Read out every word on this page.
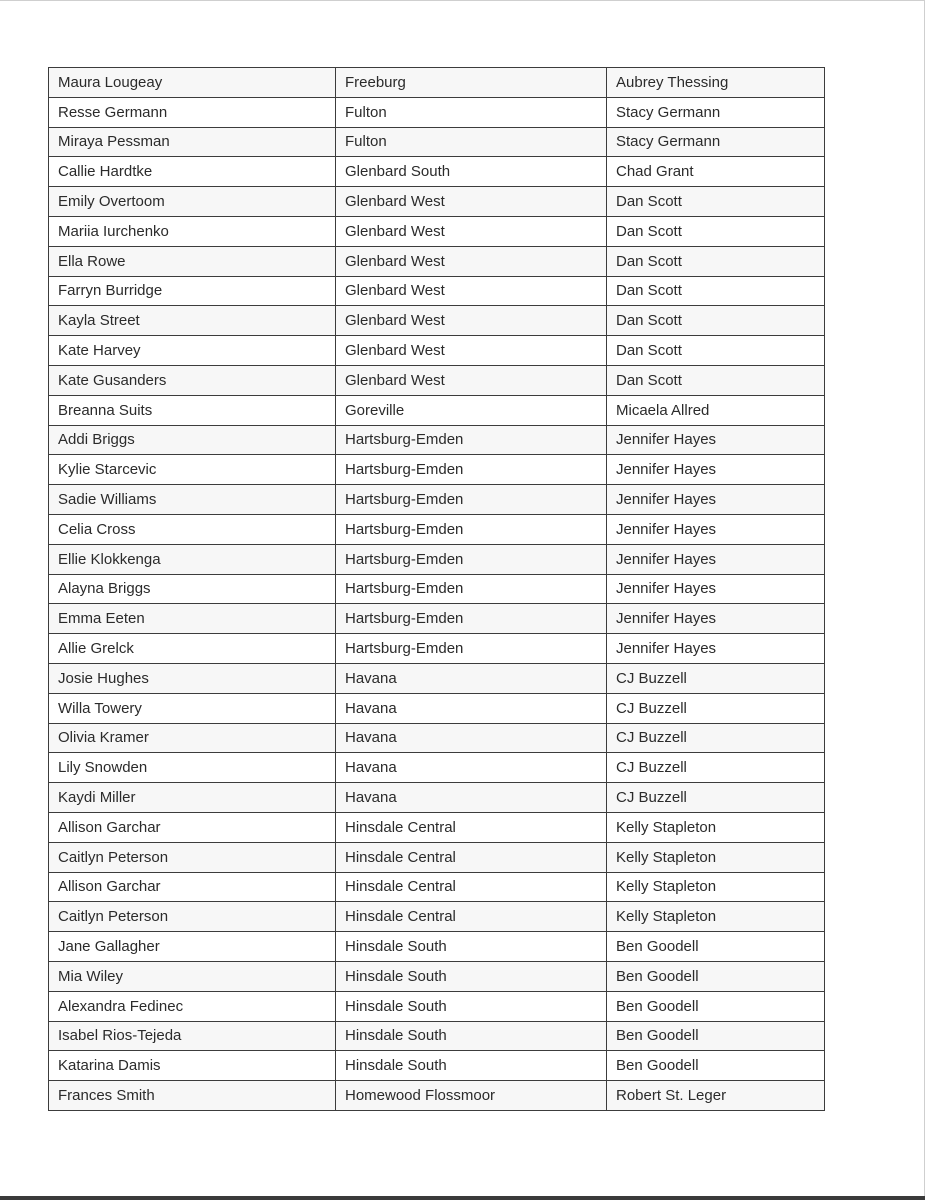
Maura Lougeay	Freeburg	Aubrey Thessing
Resse Germann	Fulton	Stacy Germann
Miraya Pessman	Fulton	Stacy Germann
Callie Hardtke	Glenbard South	Chad Grant
Emily Overtoom	Glenbard West	Dan Scott
Mariia Iurchenko	Glenbard West	Dan Scott
Ella Rowe	Glenbard West	Dan Scott
Farryn Burridge	Glenbard West	Dan Scott
Kayla Street	Glenbard West	Dan Scott
Kate Harvey	Glenbard West	Dan Scott
Kate Gusanders	Glenbard West	Dan Scott
Breanna Suits	Goreville	Micaela Allred
Addi Briggs	Hartsburg-Emden	Jennifer Hayes
Kylie Starcevic	Hartsburg-Emden	Jennifer Hayes
Sadie Williams	Hartsburg-Emden	Jennifer Hayes
Celia Cross	Hartsburg-Emden	Jennifer Hayes
Ellie Klokkenga	Hartsburg-Emden	Jennifer Hayes
Alayna Briggs	Hartsburg-Emden	Jennifer Hayes
Emma Eeten	Hartsburg-Emden	Jennifer Hayes
Allie Grelck	Hartsburg-Emden	Jennifer Hayes
Josie Hughes	Havana	CJ Buzzell
Willa Towery	Havana	CJ Buzzell
Olivia Kramer	Havana	CJ Buzzell
Lily Snowden	Havana	CJ Buzzell
Kaydi Miller	Havana	CJ Buzzell
Allison Garchar	Hinsdale Central	Kelly Stapleton
Caitlyn Peterson	Hinsdale Central	Kelly Stapleton
Allison Garchar	Hinsdale Central	Kelly Stapleton
Caitlyn Peterson	Hinsdale Central	Kelly Stapleton
Jane Gallagher	Hinsdale South	Ben Goodell
Mia Wiley	Hinsdale South	Ben Goodell
Alexandra Fedinec	Hinsdale South	Ben Goodell
Isabel Rios-Tejeda	Hinsdale South	Ben Goodell
Katarina Damis	Hinsdale South	Ben Goodell
Frances Smith	Homewood Flossmoor	Robert St. Leger
